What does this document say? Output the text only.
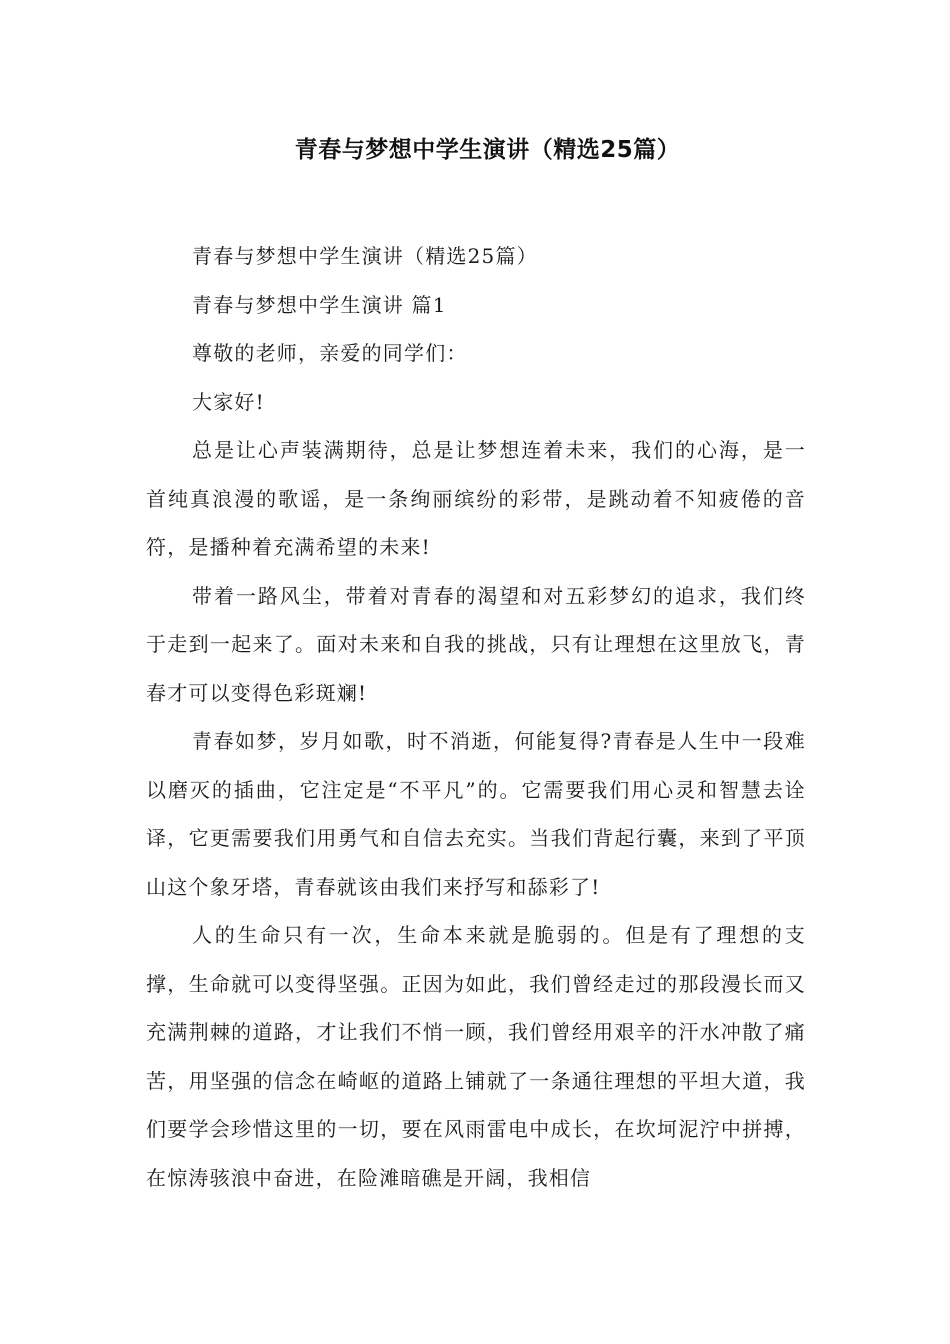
青春与梦想中学生演讲（精选25篇）

青春与梦想中学生演讲（精选25篇）

青春与梦想中学生演讲 篇1

尊敬的老师，亲爱的同学们：

大家好!

总是让心声装满期待，总是让梦想连着未来，我们的心海，是一首纯真浪漫的歌谣，是一条绚丽缤纷的彩带，是跳动着不知疲倦的音符，是播种着充满希望的未来!

带着一路风尘，带着对青春的渴望和对五彩梦幻的追求，我们终于走到一起来了。面对未来和自我的挑战，只有让理想在这里放飞，青春才可以变得色彩斑斓!

青春如梦，岁月如歌，时不消逝，何能复得?青春是人生中一段难以磨灭的插曲，它注定是“不平凡”的。它需要我们用心灵和智慧去诠译，它更需要我们用勇气和自信去充实。当我们背起行囊，来到了平顶山这个象牙塔，青春就该由我们来抒写和舔彩了!

人的生命只有一次，生命本来就是脆弱的。但是有了理想的支撑，生命就可以变得坚强。正因为如此，我们曾经走过的那段漫长而又充满荆棘的道路，才让我们不悄一顾，我们曾经用艰辛的汗水冲散了痛苦，用坚强的信念在崎岖的道路上铺就了一条通往理想的平坦大道，我们要学会珍惜这里的一切，要在风雨雷电中成长，在坎坷泥泞中拼搏，在惊涛骇浪中奋进，在险滩暗礁是开阔，我相信
